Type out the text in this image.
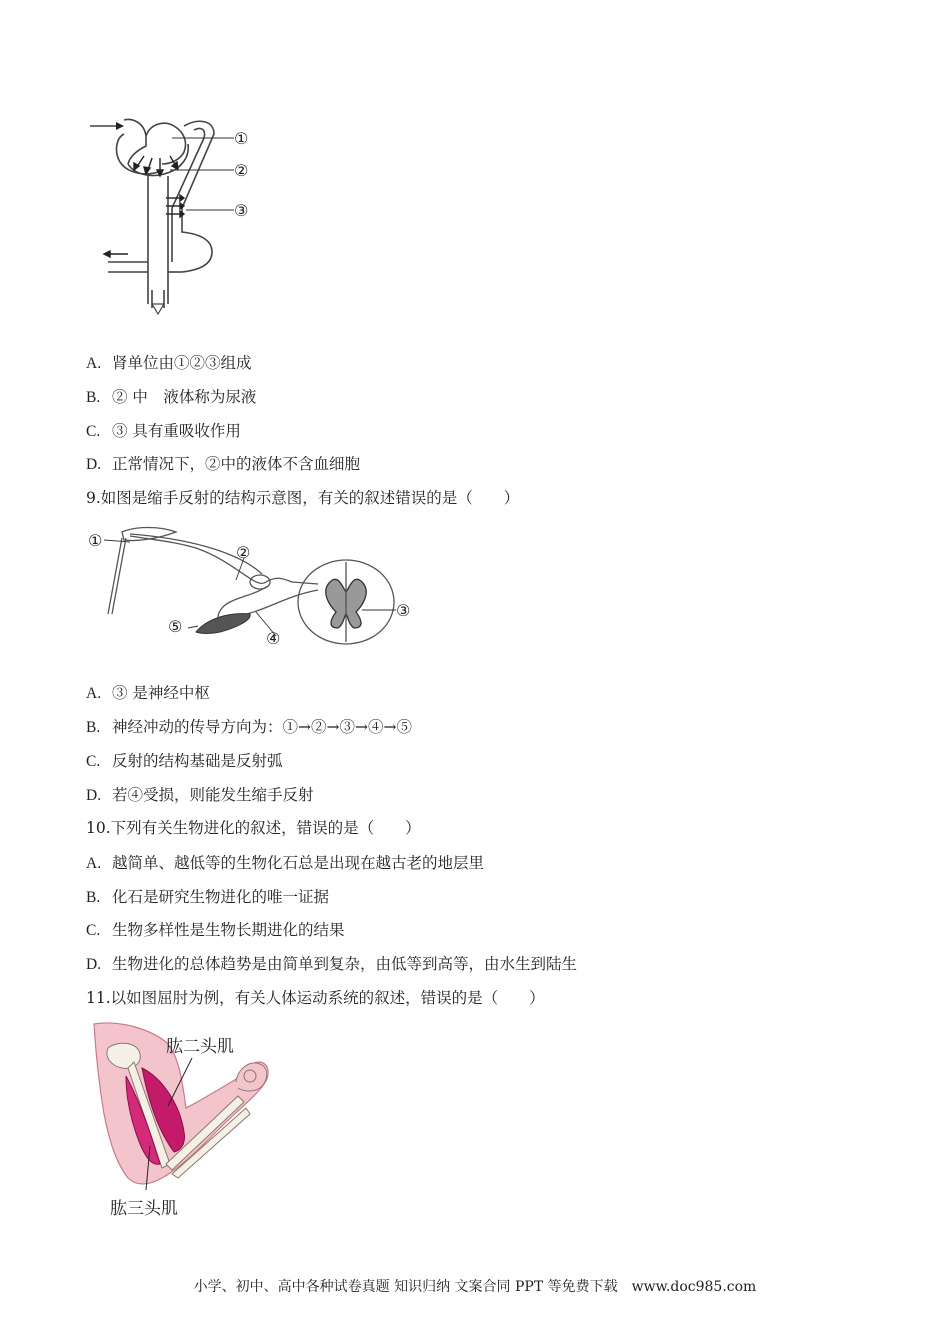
①
②
③
A. 肾单位由①②③组成
B. ② 中　液体称为尿液
C. ③ 具有重吸收作用
D. 正常情况下，②中的液体不含血细胞
9.如图是缩手反射的结构示意图，有关的叙述错误的是（　　）
①
②
③
④
⑤
A. ③ 是神经中枢
B. 神经冲动的传导方向为：①→②→③→④→⑤
C. 反射的结构基础是反射弧
D. 若④受损，则能发生缩手反射
10.下列有关生物进化的叙述，错误的是（　　）
A. 越简单、越低等的生物化石总是出现在越古老的地层里
B. 化石是研究生物进化的唯一证据
C. 生物多样性是生物长期进化的结果
D. 生物进化的总体趋势是由简单到复杂，由低等到高等，由水生到陆生
11.以如图屈肘为例，有关人体运动系统的叙述，错误的是（　　）
肱二头肌
肱三头肌
小学、初中、高中各种试卷真题 知识归纳 文案合同 PPT 等免费下载　www.doc985.com
